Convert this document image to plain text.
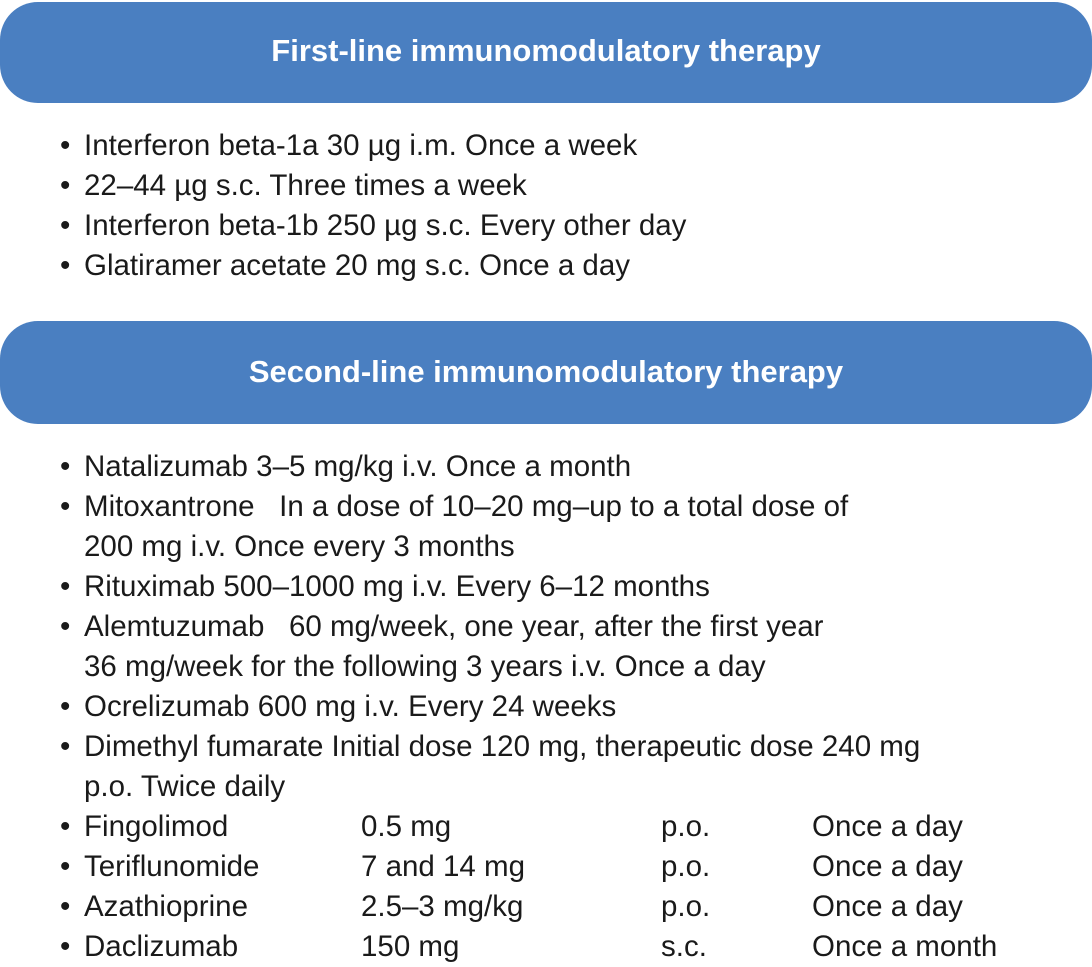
First-line immunomodulatory therapy
• Interferon beta-1a 30 µg i.m. Once a week
• 22–44 µg s.c. Three times a week
• Interferon beta-1b 250 µg s.c. Every other day
• Glatiramer acetate 20 mg s.c. Once a day
Second-line immunomodulatory therapy
• Natalizumab 3–5 mg/kg i.v. Once a month
• Mitoxantrone   In a dose of 10–20 mg–up to a total dose of
200 mg i.v. Once every 3 months
• Rituximab 500–1000 mg i.v. Every 6–12 months
• Alemtuzumab   60 mg/week, one year, after the first year
36 mg/week for the following 3 years i.v. Once a day
• Ocrelizumab 600 mg i.v. Every 24 weeks
• Dimethyl fumarate Initial dose 120 mg, therapeutic dose 240 mg
p.o. Twice daily
• Fingolimod	0.5 mg	p.o.	Once a day
• Teriflunomide	7 and 14 mg	p.o.	Once a day
• Azathioprine	2.5–3 mg/kg	p.o.	Once a day
• Daclizumab	150 mg	s.c.	Once a month
